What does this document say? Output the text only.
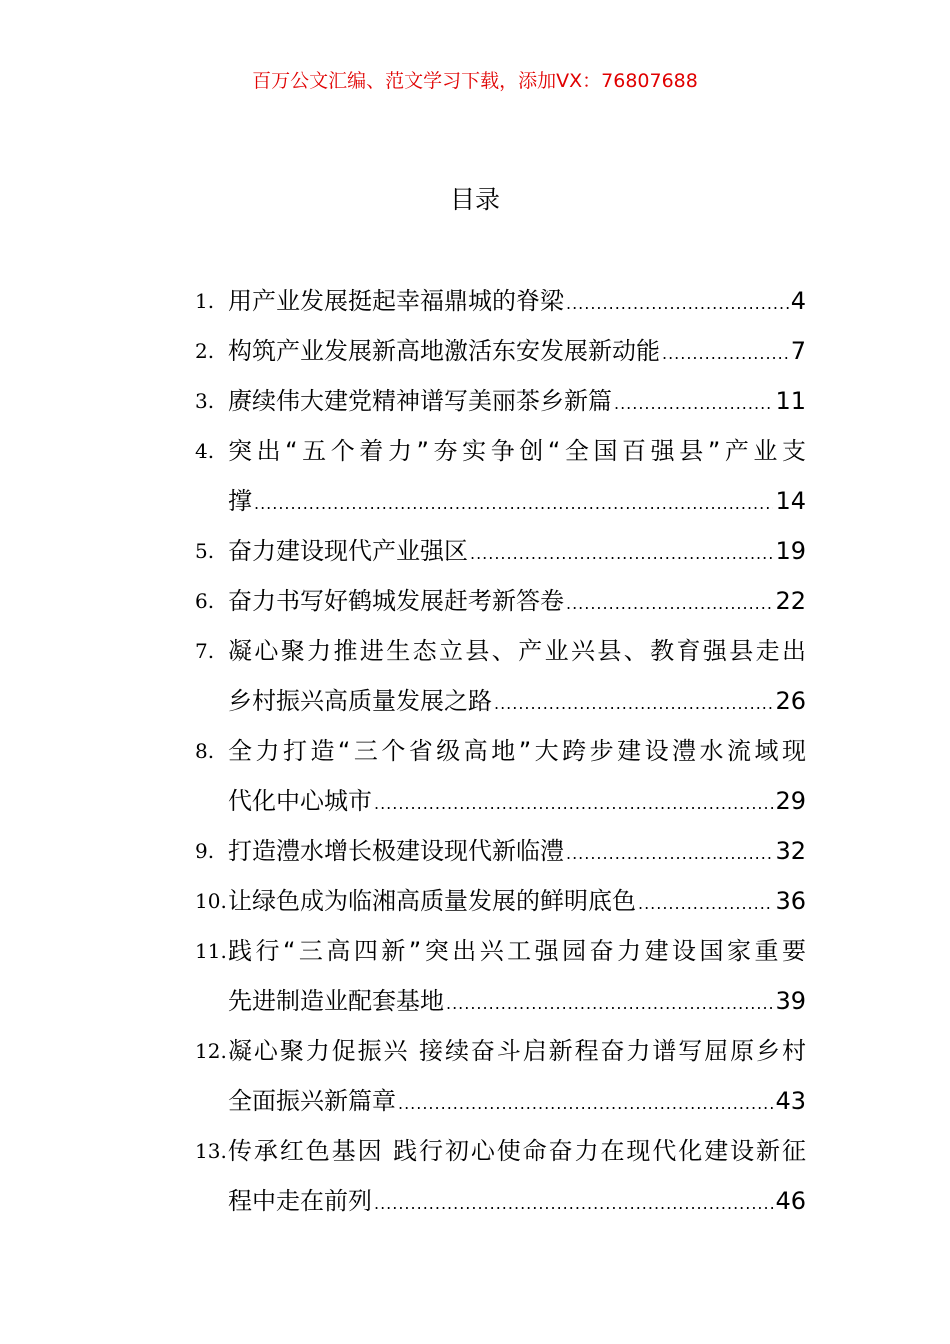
百万公文汇编、范文学习下载，添加VX：76807688
目录
1. 用产业发展挺起幸福鼎城的脊梁 .....	4
2. 构筑产业发展新高地激活东安发展新动能 .....	7
3. 赓续伟大建党精神谱写美丽茶乡新篇 .....	11
4. 突出“五个着力”夯实争创“全国百强县”产业支
撑 .....	14
5. 奋力建设现代产业强区 .....	19
6. 奋力书写好鹤城发展赶考新答卷 .....	22
7. 凝心聚力推进生态立县、产业兴县、教育强县走出
乡村振兴高质量发展之路 .....	26
8. 全力打造“三个省级高地”大跨步建设澧水流域现
代化中心城市 .....	29
9. 打造澧水增长极建设现代新临澧 .....	32
10. 让绿色成为临湘高质量发展的鲜明底色 .....	36
11. 践行“三高四新”突出兴工强园奋力建设国家重要
先进制造业配套基地 .....	39
12. 凝心聚力促振兴 接续奋斗启新程奋力谱写屈原乡村
全面振兴新篇章 .....	43
13. 传承红色基因 践行初心使命奋力在现代化建设新征
程中走在前列 .....	46
